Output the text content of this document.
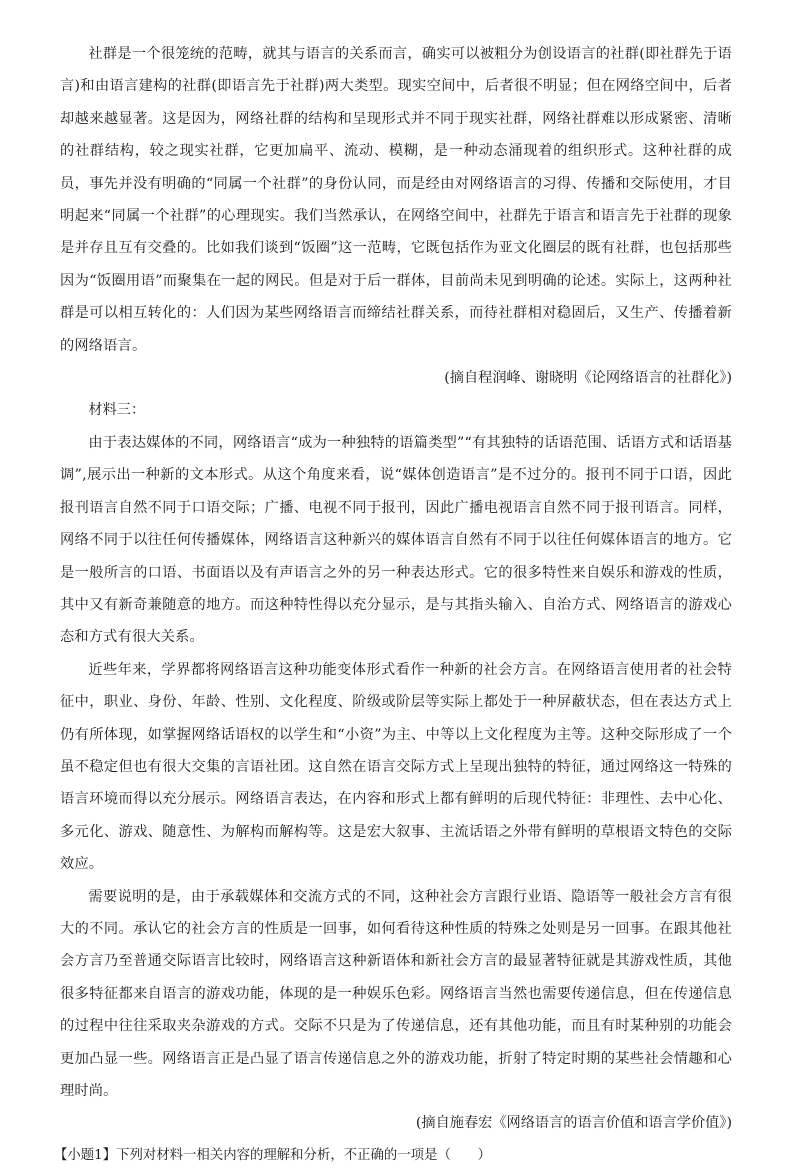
社群是一个很笼统的范畴，就其与语言的关系而言，确实可以被粗分为创设语言的社群(即社群先于语言)和由语言建构的社群(即语言先于社群)两大类型。现实空间中，后者很不明显；但在网络空间中，后者却越来越显著。这是因为，网络社群的结构和呈现形式并不同于现实社群，网络社群难以形成紧密、清晰的社群结构，较之现实社群，它更加扁平、流动、模糊，是一种动态涌现着的组织形式。这种社群的成员，事先并没有明确的“同属一个社群”的身份认同，而是经由对网络语言的习得、传播和交际使用，才目明起来“同属一个社群”的心理现实。我们当然承认，在网络空间中，社群先于语言和语言先于社群的现象是并存且互有交叠的。比如我们谈到“饭圈”这一范畴，它既包括作为亚文化圈层的既有社群，也包括那些因为“饭圈用语”而聚集在一起的网民。但是对于后一群体，目前尚未见到明确的论述。实际上，这两种社群是可以相互转化的：人们因为某些网络语言而缔结社群关系，而待社群相对稳固后，又生产、传播着新的网络语言。

(摘自程润峰、谢晓明《论网络语言的社群化》)

材料三：

由于表达媒体的不同，网络语言“成为一种独特的语篇类型”“有其独特的话语范围、话语方式和话语基调”,展示出一种新的文本形式。从这个角度来看，说“媒体创造语言”是不过分的。报刊不同于口语，因此报刊语言自然不同于口语交际；广播、电视不同于报刊，因此广播电视语言自然不同于报刊语言。同样，网络不同于以往任何传播媒体，网络语言这种新兴的媒体语言自然有不同于以往任何媒体语言的地方。它是一般所言的口语、书面语以及有声语言之外的另一种表达形式。它的很多特性来自娱乐和游戏的性质，其中又有新奇兼随意的地方。而这种特性得以充分显示，是与其指头输入、自治方式、网络语言的游戏心态和方式有很大关系。

近些年来，学界都将网络语言这种功能变体形式看作一种新的社会方言。在网络语言使用者的社会特征中，职业、身份、年龄、性别、文化程度、阶级或阶层等实际上都处于一种屏蔽状态，但在表达方式上仍有所体现，如掌握网络话语权的以学生和“小资”为主、中等以上文化程度为主等。这种交际形成了一个虽不稳定但也有很大交集的言语社团。这自然在语言交际方式上呈现出独特的特征，通过网络这一特殊的语言环境而得以充分展示。网络语言表达，在内容和形式上都有鲜明的后现代特征：非理性、去中心化、多元化、游戏、随意性、为解构而解构等。这是宏大叙事、主流话语之外带有鲜明的草根语文特色的交际效应。

需要说明的是，由于承载媒体和交流方式的不同，这种社会方言跟行业语、隐语等一般社会方言有很大的不同。承认它的社会方言的性质是一回事，如何看待这种性质的特殊之处则是另一回事。在跟其他社会方言乃至普通交际语言比较时，网络语言这种新语体和新社会方言的最显著特征就是其游戏性质，其他很多特征都来自语言的游戏功能，体现的是一种娱乐色彩。网络语言当然也需要传递信息，但在传递信息的过程中往往采取夹杂游戏的方式。交际不只是为了传递信息，还有其他功能，而且有时某种别的功能会更加凸显一些。网络语言正是凸显了语言传递信息之外的游戏功能，折射了特定时期的某些社会情趣和心理时尚。

(摘自施春宏《网络语言的语言价值和语言学价值》)

【小题1】下列对材料一相关内容的理解和分析，不正确的一项是（　　）
